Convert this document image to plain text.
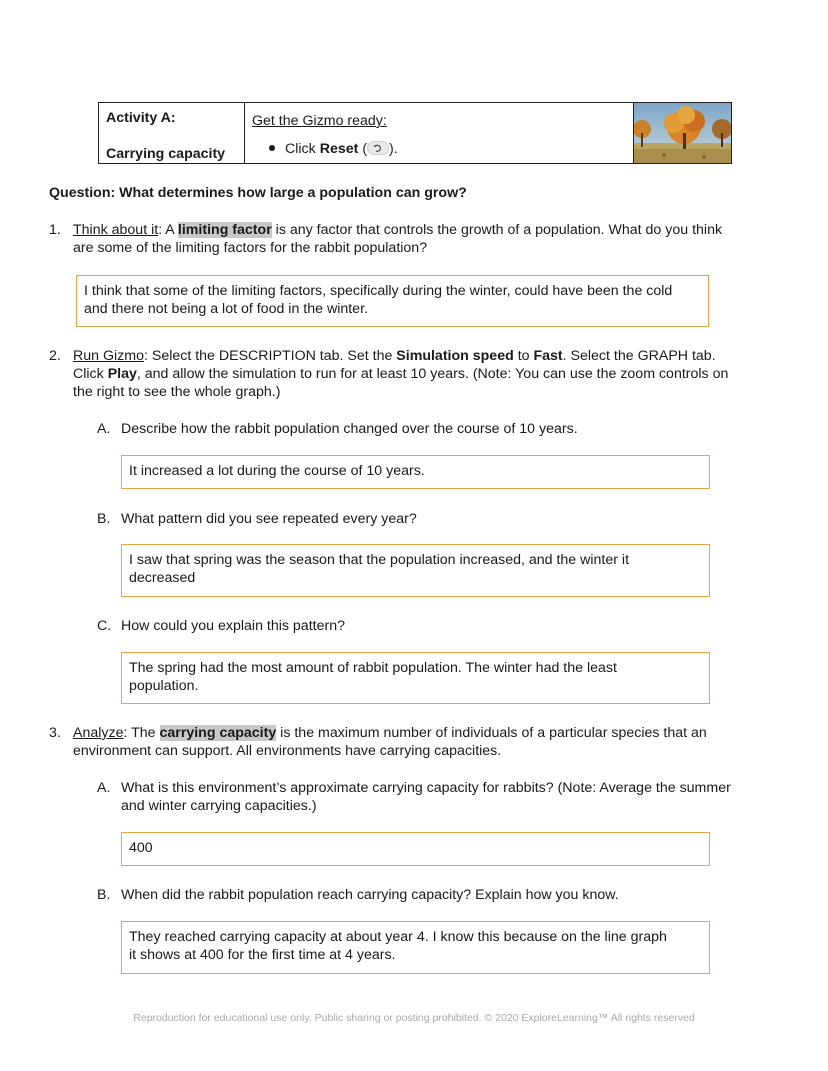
Activity A:
Carrying capacity
Get the Gizmo ready:
Click Reset ( ).
Question: What determines how large a population can grow?
1. Think about it: A limiting factor is any factor that controls the growth of a population. What do you think
are some of the limiting factors for the rabbit population?
I think that some of the limiting factors, specifically during the winter, could have been the cold
and there not being a lot of food in the winter.
2. Run Gizmo: Select the DESCRIPTION tab. Set the Simulation speed to Fast. Select the GRAPH tab.
Click Play, and allow the simulation to run for at least 10 years. (Note: You can use the zoom controls on
the right to see the whole graph.)
A. Describe how the rabbit population changed over the course of 10 years.
It increased a lot during the course of 10 years.
B. What pattern did you see repeated every year?
I saw that spring was the season that the population increased, and the winter it
decreased
C. How could you explain this pattern?
The spring had the most amount of rabbit population. The winter had the least
population.
3. Analyze: The carrying capacity is the maximum number of individuals of a particular species that an
environment can support. All environments have carrying capacities.
A. What is this environment’s approximate carrying capacity for rabbits? (Note: Average the summer
and winter carrying capacities.)
400
B. When did the rabbit population reach carrying capacity? Explain how you know.
They reached carrying capacity at about year 4. I know this because on the line graph
it shows at 400 for the first time at 4 years.
Reproduction for educational use only. Public sharing or posting prohibited. © 2020 ExploreLearning™ All rights reserved
